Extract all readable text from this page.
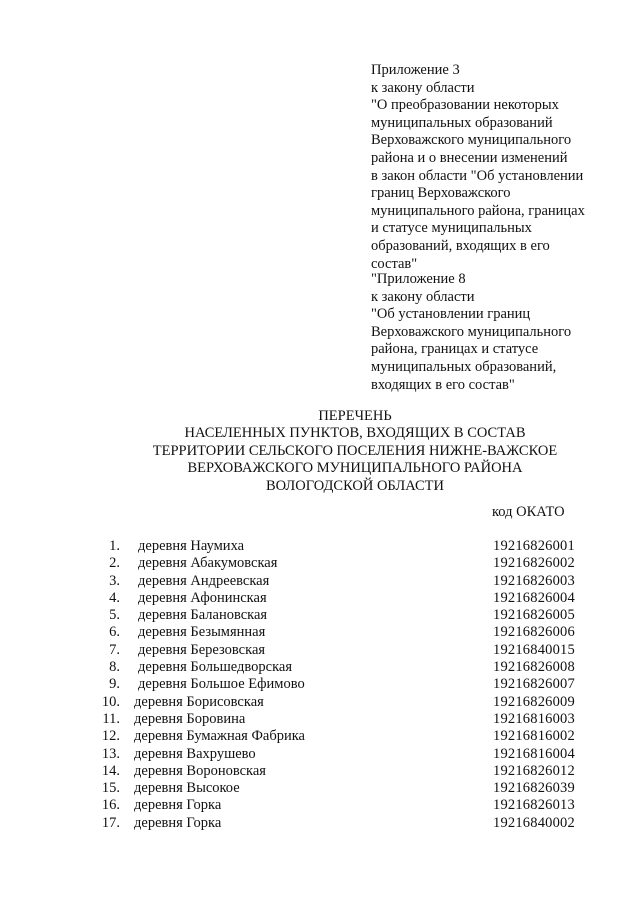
Приложение 3
к закону области
"О преобразовании некоторых
муниципальных образований
Верховажского муниципального
района и о внесении изменений
в закон области "Об установлении
границ Верховажского
муниципального района, границах
и статусе муниципальных
образований, входящих в его
состав"
"Приложение 8
к закону области
"Об установлении границ
Верховажского муниципального
района, границах и статусе
муниципальных образований,
входящих в его состав"
ПЕРЕЧЕНЬ
НАСЕЛЕННЫХ ПУНКТОВ, ВХОДЯЩИХ В СОСТАВ
ТЕРРИТОРИИ СЕЛЬСКОГО ПОСЕЛЕНИЯ НИЖНЕ-ВАЖСКОЕ
ВЕРХОВАЖСКОГО МУНИЦИПАЛЬНОГО РАЙОНА
ВОЛОГОДСКОЙ ОБЛАСТИ
код ОКАТО
1. деревня Наумиха	19216826001
2. деревня Абакумовская	19216826002
3. деревня Андреевская	19216826003
4. деревня Афонинская	19216826004
5. деревня Балановская	19216826005
6. деревня Безымянная	19216826006
7. деревня Березовская	19216840015
8. деревня Большедворская	19216826008
9. деревня Большое Ефимово	19216826007
10. деревня Борисовская	19216826009
11. деревня Боровина	19216816003
12. деревня Бумажная Фабрика	19216816002
13. деревня Вахрушево	19216816004
14. деревня Вороновская	19216826012
15. деревня Высокое	19216826039
16. деревня Горка	19216826013
17. деревня Горка	19216840002
